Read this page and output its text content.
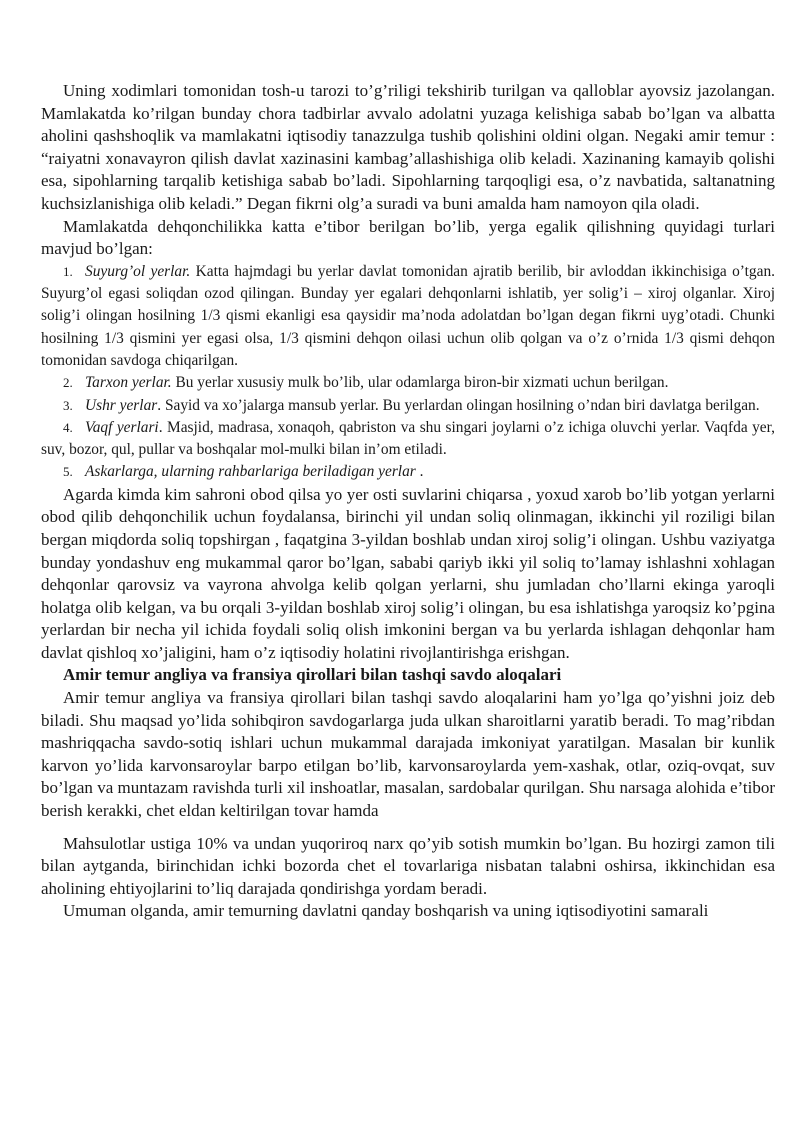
Uning xodimlari tomonidan tosh-u tarozi to’g’riligi tekshirib turilgan va qalloblar ayovsiz jazolangan. Mamlakatda ko’rilgan bunday chora tadbirlar avvalo adolatni yuzaga kelishiga sabab bo’lgan va albatta aholini qashshoqlik va mamlakatni iqtisodiy tanazzulga tushib qolishini oldini olgan. Negaki amir temur : “raiyatni xonavayron qilish davlat xazinasini kambag’allashishiga olib keladi. Xazinaning kamayib qolishi esa, sipohlarning tarqalib ketishiga sabab bo’ladi. Sipohlarning tarqoqligi esa, o’z navbatida, saltanatning kuchsizlanishiga olib keladi.” Degan fikrni olg’a suradi va buni amalda ham namoyon qila oladi.

Mamlakatda dehqonchilikka katta e’tibor berilgan bo’lib, yerga egalik qilishning quyidagi turlari mavjud bo’lgan:

1. Suyurg’ol yerlar. Katta hajmdagi bu yerlar davlat tomonidan ajratib berilib, bir avloddan ikkinchisiga o’tgan. Suyurg’ol egasi soliqdan ozod qilingan. Bunday yer egalari dehqonlarni ishlatib, yer solig’i – xiroj olganlar. Xiroj solig’i olingan hosilning 1/3 qismi ekanligi esa qaysidir ma’noda adolatdan bo’lgan degan fikrni uyg’otadi. Chunki hosilning 1/3 qismini yer egasi olsa, 1/3 qismini dehqon oilasi uchun olib qolgan va o’z o’rnida 1/3 qismi dehqon tomonidan savdoga chiqarilgan.
2. Tarxon yerlar. Bu yerlar xususiy mulk bo’lib, ular odamlarga biron-bir xizmati uchun berilgan.
3. Ushr yerlar. Sayid va xo’jalarga mansub yerlar. Bu yerlardan olingan hosilning o’ndan biri davlatga berilgan.
4. Vaqf yerlari. Masjid, madrasa, xonaqoh, qabriston va shu singari joylarni o’z ichiga oluvchi yerlar. Vaqfda yer, suv, bozor, qul, pullar va boshqalar mol-mulki bilan in’om etiladi.
5. Askarlarga, ularning rahbarlariga beriladigan yerlar .

Agarda kimda kim sahroni obod qilsa yo yer osti suvlarini chiqarsa , yoxud xarob bo’lib yotgan yerlarni obod qilib dehqonchilik uchun foydalansa, birinchi yil undan soliq olinmagan, ikkinchi yil roziligi bilan bergan miqdorda soliq topshirgan , faqatgina 3-yildan boshlab undan xiroj solig’i olingan. Ushbu vaziyatga bunday yondashuv eng mukammal qaror bo’lgan, sababi qariyb ikki yil soliq to’lamay ishlashni xohlagan dehqonlar qarovsiz va vayrona ahvolga kelib qolgan yerlarni, shu jumladan cho’llarni ekinga yaroqli holatga olib kelgan, va bu orqali 3-yildan boshlab xiroj solig’i olingan, bu esa ishlatishga yaroqsiz ko’pgina yerlardan bir necha yil ichida foydali soliq olish imkonini bergan va bu yerlarda ishlagan dehqonlar ham davlat qishloq xo’jaligini, ham o’z iqtisodiy holatini rivojlantirishga erishgan.

Amir temur angliya va fransiya qirollari bilan tashqi savdo aloqalari

Amir temur angliya va fransiya qirollari bilan tashqi savdo aloqalarini ham yo’lga qo’yishni joiz deb biladi. Shu maqsad yo’lida sohibqiron savdogarlarga juda ulkan sharoitlarni yaratib beradi. To mag’ribdan mashriqqacha savdo-sotiq ishlari uchun mukammal darajada imkoniyat yaratilgan. Masalan bir kunlik karvon yo’lida karvonsaroylar barpo etilgan bo’lib, karvonsaroylarda yem-xashak, otlar, oziq-ovqat, suv bo’lgan va muntazam ravishda turli xil inshoatlar, masalan, sardobalar qurilgan. Shu narsaga alohida e’tibor berish kerakki, chet eldan keltirilgan tovar hamda

Mahsulotlar ustiga 10% va undan yuqoriroq narx qo’yib sotish mumkin bo’lgan. Bu hozirgi zamon tili bilan aytganda, birinchidan ichki bozorda chet el tovarlariga nisbatan talabni oshirsa, ikkinchidan esa aholining ehtiyojlarini to’liq darajada qondirishga yordam beradi.

Umuman olganda, amir temurning davlatni qanday boshqarish va uning iqtisodiyotini samarali
